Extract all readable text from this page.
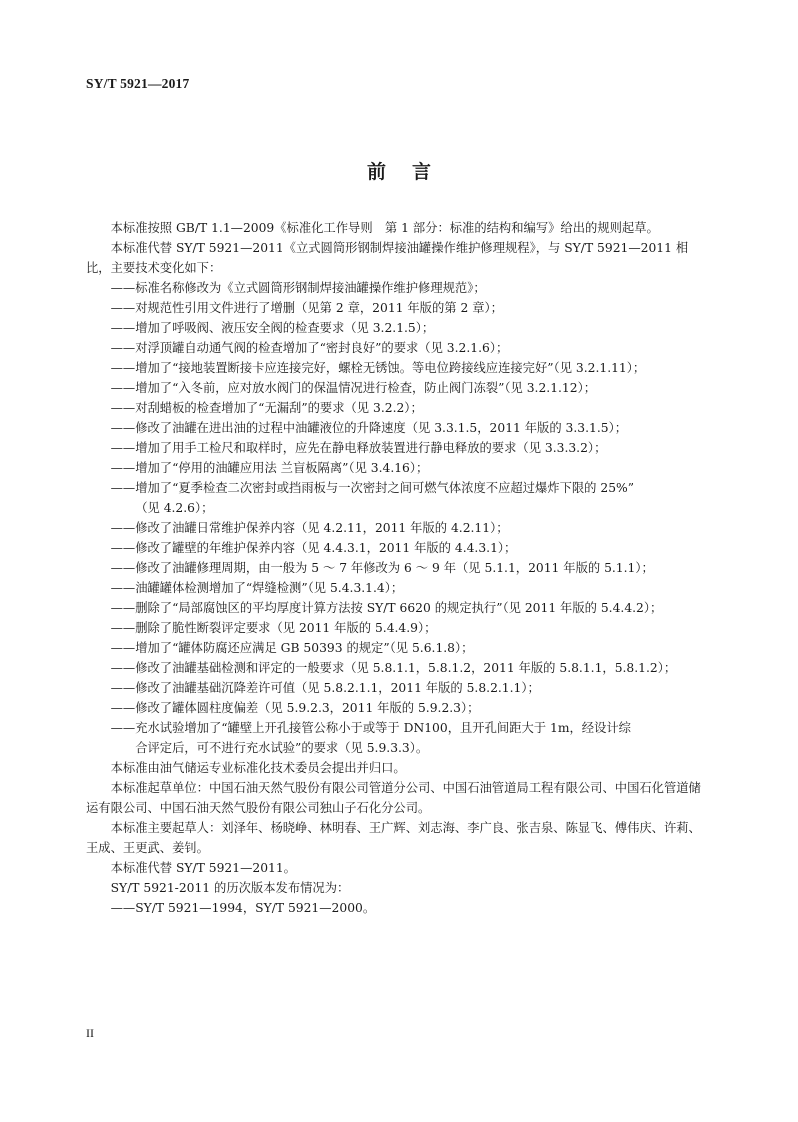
SY/T 5921—2017
前言
本标准按照 GB/T 1.1—2009《标准化工作导则　第 1 部分：标准的结构和编写》给出的规则起草。
本标准代替 SY/T 5921—2011《立式圆筒形钢制焊接油罐操作维护修理规程》，与 SY/T 5921—2011 相比，主要技术变化如下：
——标准名称修改为《立式圆筒形钢制焊接油罐操作维护修理规范》；
——对规范性引用文件进行了增删（见第 2 章，2011 年版的第 2 章）；
——增加了呼吸阀、液压安全阀的检查要求（见 3.2.1.5）；
——对浮顶罐自动通气阀的检查增加了“密封良好”的要求（见 3.2.1.6）；
——增加了“接地装置断接卡应连接完好，螺栓无锈蚀。等电位跨接线应连接完好”（见 3.2.1.11）；
——增加了“入冬前，应对放水阀门的保温情况进行检查，防止阀门冻裂”（见 3.2.1.12）；
——对刮蜡板的检查增加了“无漏刮”的要求（见 3.2.2）；
——修改了油罐在进出油的过程中油罐液位的升降速度（见 3.3.1.5，2011 年版的 3.3.1.5）；
——增加了用手工检尺和取样时，应先在静电释放装置进行静电释放的要求（见 3.3.3.2）；
——增加了“停用的油罐应用法 兰盲板隔离”（见 3.4.16）；
——增加了“夏季检查二次密封或挡雨板与一次密封之间可燃气体浓度不应超过爆炸下限的 25%”
（见 4.2.6）；
——修改了油罐日常维护保养内容（见 4.2.11，2011 年版的 4.2.11）；
——修改了罐壁的年维护保养内容（见 4.4.3.1，2011 年版的 4.4.3.1）；
——修改了油罐修理周期，由一般为 5 ～ 7 年修改为 6 ～ 9 年（见 5.1.1，2011 年版的 5.1.1）；
——油罐罐体检测增加了“焊缝检测”（见 5.4.3.1.4）；
——删除了“局部腐蚀区的平均厚度计算方法按 SY/T 6620 的规定执行”（见 2011 年版的 5.4.4.2）；
——删除了脆性断裂评定要求（见 2011 年版的 5.4.4.9）；
——增加了“罐体防腐还应满足 GB 50393 的规定”（见 5.6.1.8）；
——修改了油罐基础检测和评定的一般要求（见 5.8.1.1，5.8.1.2，2011 年版的 5.8.1.1，5.8.1.2）；
——修改了油罐基础沉降差许可值（见 5.8.2.1.1，2011 年版的 5.8.2.1.1）；
——修改了罐体圆柱度偏差（见 5.9.2.3，2011 年版的 5.9.2.3）；
——充水试验增加了“罐壁上开孔接管公称小于或等于 DN100，且开孔间距大于 1m，经设计综
合评定后，可不进行充水试验”的要求（见 5.9.3.3）。
本标准由油气储运专业标准化技术委员会提出并归口。
本标准起草单位：中国石油天然气股份有限公司管道分公司、中国石油管道局工程有限公司、中国石化管道储运有限公司、中国石油天然气股份有限公司独山子石化分公司。
本标准主要起草人：刘泽年、杨晓峥、林明春、王广辉、刘志海、李广良、张吉泉、陈显飞、傅伟庆、许莉、王成、王更武、姜钊。
本标准代替 SY/T 5921—2011。
SY/T 5921-2011 的历次版本发布情况为：
——SY/T 5921—1994，SY/T 5921—2000。
II
